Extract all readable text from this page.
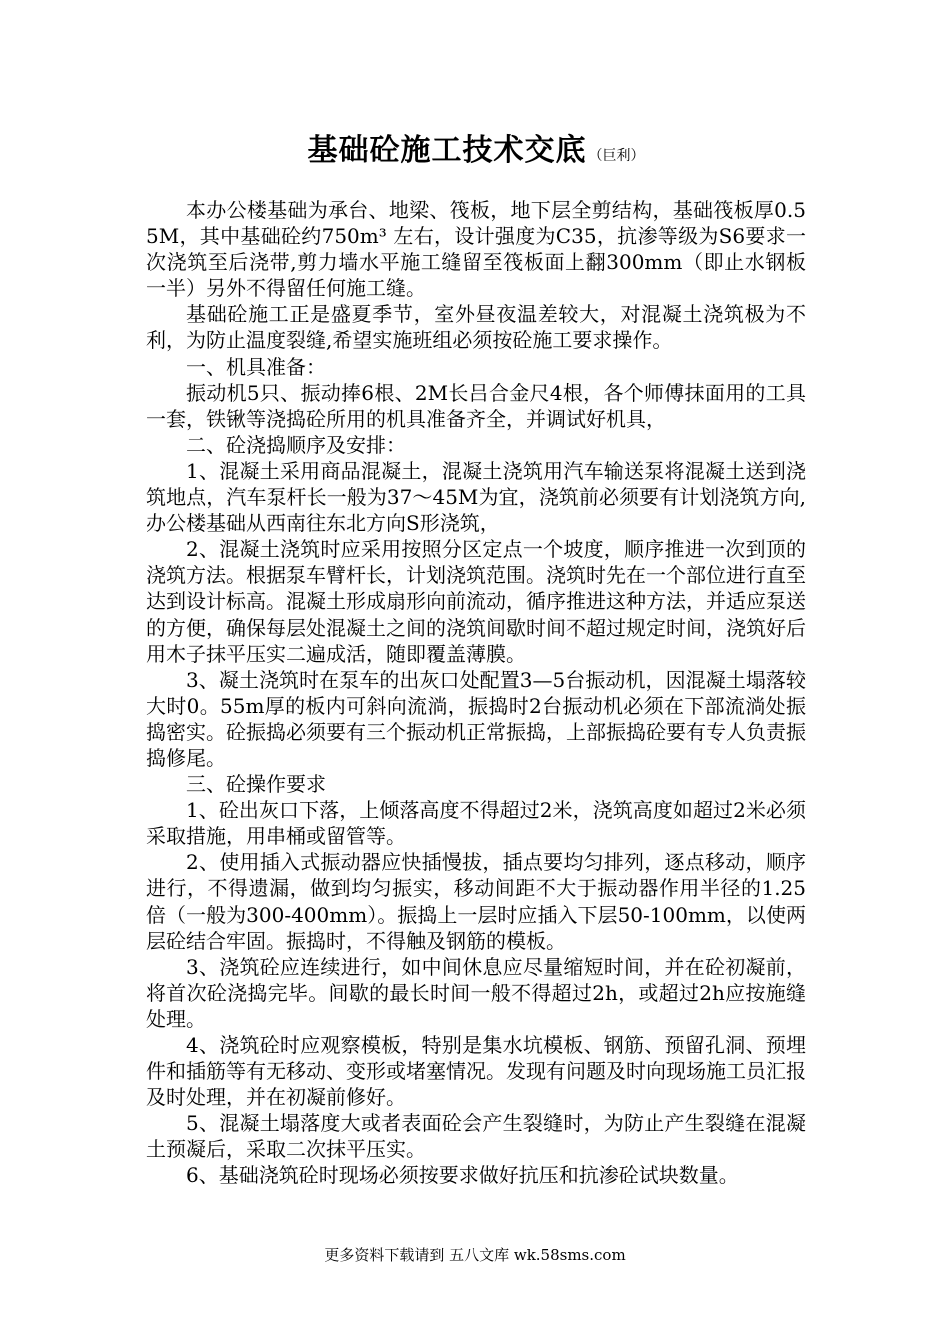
基础砼施工技术交底 （巨利）

本办公楼基础为承台、地梁、筏板，地下层全剪结构，基础筏板厚0.55M，其中基础砼约750m³ 左右，设计强度为C35，抗渗等级为S6要求一次浇筑至后浇带,剪力墙水平施工缝留至筏板面上翻300mm（即止水钢板一半）另外不得留任何施工缝。

基础砼施工正是盛夏季节，室外昼夜温差较大，对混凝土浇筑极为不利，为防止温度裂缝,希望实施班组必须按砼施工要求操作。

一、机具准备：

振动机5只、振动捧6根、2M长吕合金尺4根，各个师傅抹面用的工具一套，铁锹等浇捣砼所用的机具准备齐全，并调试好机具，

二、砼浇捣顺序及安排：

1、混凝土采用商品混凝土，混凝土浇筑用汽车输送泵将混凝土送到浇筑地点，汽车泵杆长一般为37～45M为宜，浇筑前必须要有计划浇筑方向,办公楼基础从西南往东北方向S形浇筑，

2、混凝土浇筑时应采用按照分区定点一个坡度，顺序推进一次到顶的浇筑方法。根据泵车臂杆长，计划浇筑范围。浇筑时先在一个部位进行直至达到设计标高。混凝土形成扇形向前流动，循序推进这种方法，并适应泵送的方便，确保每层处混凝土之间的浇筑间歇时间不超过规定时间，浇筑好后用木子抹平压实二遍成活，随即覆盖薄膜。

3、凝土浇筑时在泵车的出灰口处配置3—5台振动机，因混凝土塌落较大时0。55m厚的板内可斜向流淌，振捣时2台振动机必须在下部流淌处振捣密实。砼振捣必须要有三个振动机正常振捣，上部振捣砼要有专人负责振捣修尾。

三、砼操作要求

1、砼出灰口下落，上倾落高度不得超过2米，浇筑高度如超过2米必须采取措施，用串桶或留管等。

2、使用插入式振动器应快插慢拔，插点要均匀排列，逐点移动，顺序进行，不得遗漏，做到均匀振实，移动间距不大于振动器作用半径的1.25倍（一般为300-400mm）。振捣上一层时应插入下层50-100mm，以使两层砼结合牢固。振捣时，不得触及钢筋的模板。

3、浇筑砼应连续进行，如中间休息应尽量缩短时间，并在砼初凝前，将首次砼浇捣完毕。间歇的最长时间一般不得超过2h，或超过2h应按施缝处理。

4、浇筑砼时应观察模板，特别是集水坑模板、钢筋、预留孔洞、预埋件和插筋等有无移动、变形或堵塞情况。发现有问题及时向现场施工员汇报及时处理，并在初凝前修好。

5、混凝土塌落度大或者表面砼会产生裂缝时，为防止产生裂缝在混凝土预凝后，采取二次抹平压实。

6、基础浇筑砼时现场必须按要求做好抗压和抗渗砼试块数量。

更多资料下载请到 五八文库 wk.58sms.com
